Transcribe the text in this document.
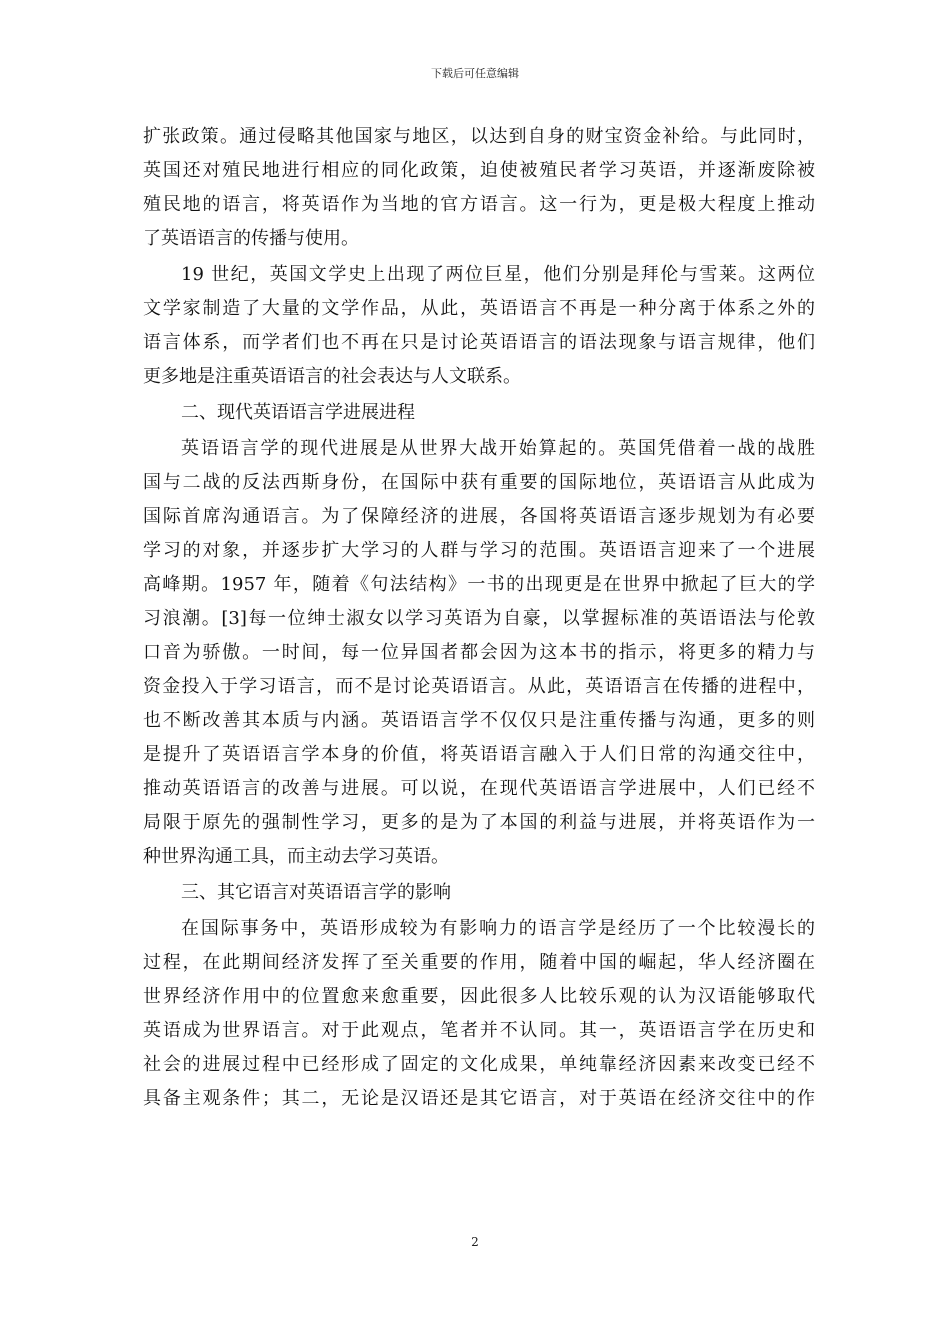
下载后可任意编辑
扩张政策。通过侵略其他国家与地区，以达到自身的财宝资金补给。与此同时，
英国还对殖民地进行相应的同化政策，迫使被殖民者学习英语，并逐渐废除被
殖民地的语言，将英语作为当地的官方语言。这一行为，更是极大程度上推动
了英语语言的传播与使用。
19 世纪，英国文学史上出现了两位巨星，他们分别是拜伦与雪莱。这两位
文学家制造了大量的文学作品，从此，英语语言不再是一种分离于体系之外的
语言体系，而学者们也不再在只是讨论英语语言的语法现象与语言规律，他们
更多地是注重英语语言的社会表达与人文联系。
二、现代英语语言学进展进程
英语语言学的现代进展是从世界大战开始算起的。英国凭借着一战的战胜
国与二战的反法西斯身份，在国际中获有重要的国际地位，英语语言从此成为
国际首席沟通语言。为了保障经济的进展，各国将英语语言逐步规划为有必要
学习的对象，并逐步扩大学习的人群与学习的范围。英语语言迎来了一个进展
高峰期。1957 年，随着《句法结构》一书的出现更是在世界中掀起了巨大的学
习浪潮。[3]每一位绅士淑女以学习英语为自豪，以掌握标准的英语语法与伦敦
口音为骄傲。一时间，每一位异国者都会因为这本书的指示，将更多的精力与
资金投入于学习语言，而不是讨论英语语言。从此，英语语言在传播的进程中，
也不断改善其本质与内涵。英语语言学不仅仅只是注重传播与沟通，更多的则
是提升了英语语言学本身的价值，将英语语言融入于人们日常的沟通交往中，
推动英语语言的改善与进展。可以说，在现代英语语言学进展中，人们已经不
局限于原先的强制性学习，更多的是为了本国的利益与进展，并将英语作为一
种世界沟通工具，而主动去学习英语。
三、其它语言对英语语言学的影响
在国际事务中，英语形成较为有影响力的语言学是经历了一个比较漫长的
过程，在此期间经济发挥了至关重要的作用，随着中国的崛起，华人经济圈在
世界经济作用中的位置愈来愈重要，因此很多人比较乐观的认为汉语能够取代
英语成为世界语言。对于此观点，笔者并不认同。其一，英语语言学在历史和
社会的进展过程中已经形成了固定的文化成果，单纯靠经济因素来改变已经不
具备主观条件；其二，无论是汉语还是其它语言，对于英语在经济交往中的作
2
